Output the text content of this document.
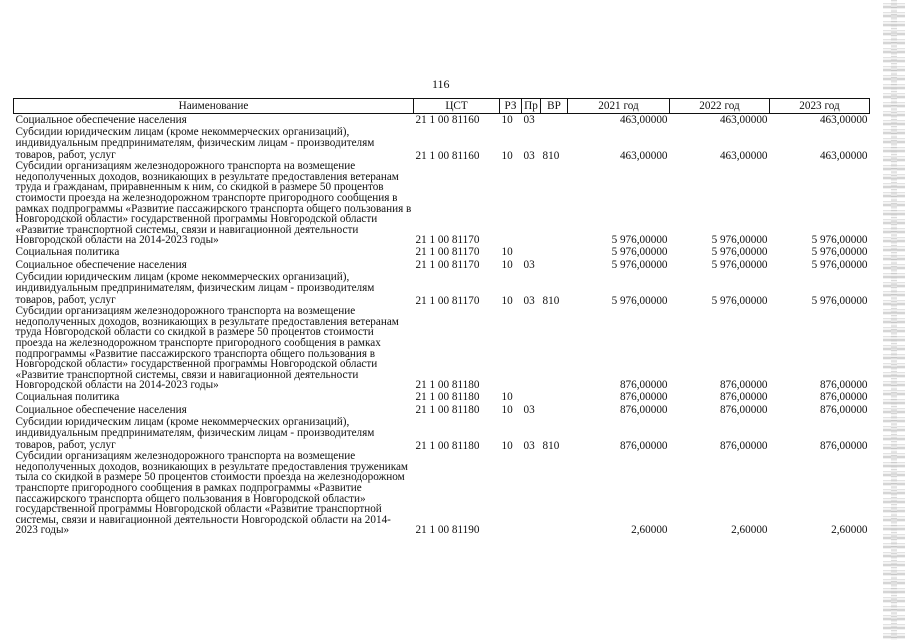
116
Наименование	ЦСТ	РЗ	Пр	ВР	2021 год	2022 год	2023 год
Социальное обеспечение населения	21 1 00 81160	10	03		463,00000	463,00000	463,00000
Субсидии юридическим лицам (кроме некоммерческих организаций), индивидуальным предпринимателям, физическим лицам - производителям товаров, работ, услуг	21 1 00 81160	10	03	810	463,00000	463,00000	463,00000
Субсидии организациям железнодорожного транспорта на возмещение недополученных доходов, возникающих в результате предоставления ветеранам труда и гражданам, приравненным к ним, со скидкой в размере 50 процентов стоимости проезда на железнодорожном транспорте пригородного сообщения в рамках подпрограммы «Развитие пассажирского транспорта общего пользования в Новгородской области» государственной программы Новгородской области «Развитие транспортной системы, связи и навигационной деятельности Новгородской области на 2014-2023 годы»	21 1 00 81170				5 976,00000	5 976,00000	5 976,00000
Социальная политика	21 1 00 81170	10			5 976,00000	5 976,00000	5 976,00000
Социальное обеспечение населения	21 1 00 81170	10	03		5 976,00000	5 976,00000	5 976,00000
Субсидии юридическим лицам (кроме некоммерческих организаций), индивидуальным предпринимателям, физическим лицам - производителям товаров, работ, услуг	21 1 00 81170	10	03	810	5 976,00000	5 976,00000	5 976,00000
Субсидии организациям железнодорожного транспорта на возмещение недополученных доходов, возникающих в результате предоставления ветеранам труда Новгородской области со скидкой в размере 50 процентов стоимости проезда на железнодорожном транспорте пригородного сообщения в рамках подпрограммы «Развитие пассажирского транспорта общего пользования в Новгородской области» государственной программы Новгородской области «Развитие транспортной системы, связи и навигационной деятельности Новгородской области на 2014-2023 годы»	21 1 00 81180				876,00000	876,00000	876,00000
Социальная политика	21 1 00 81180	10			876,00000	876,00000	876,00000
Социальное обеспечение населения	21 1 00 81180	10	03		876,00000	876,00000	876,00000
Субсидии юридическим лицам (кроме некоммерческих организаций), индивидуальным предпринимателям, физическим лицам - производителям товаров, работ, услуг	21 1 00 81180	10	03	810	876,00000	876,00000	876,00000
Субсидии организациям железнодорожного транспорта на возмещение недополученных доходов, возникающих в результате предоставления труженикам тыла со скидкой в размере 50 процентов стоимости проезда на железнодорожном транспорте пригородного сообщения в рамках подпрограммы «Развитие пассажирского транспорта общего пользования в Новгородской области» государственной программы Новгородской области «Развитие транспортной системы, связи и навигационной деятельности Новгородской области на 2014-2023 годы»	21 1 00 81190				2,60000	2,60000	2,60000
